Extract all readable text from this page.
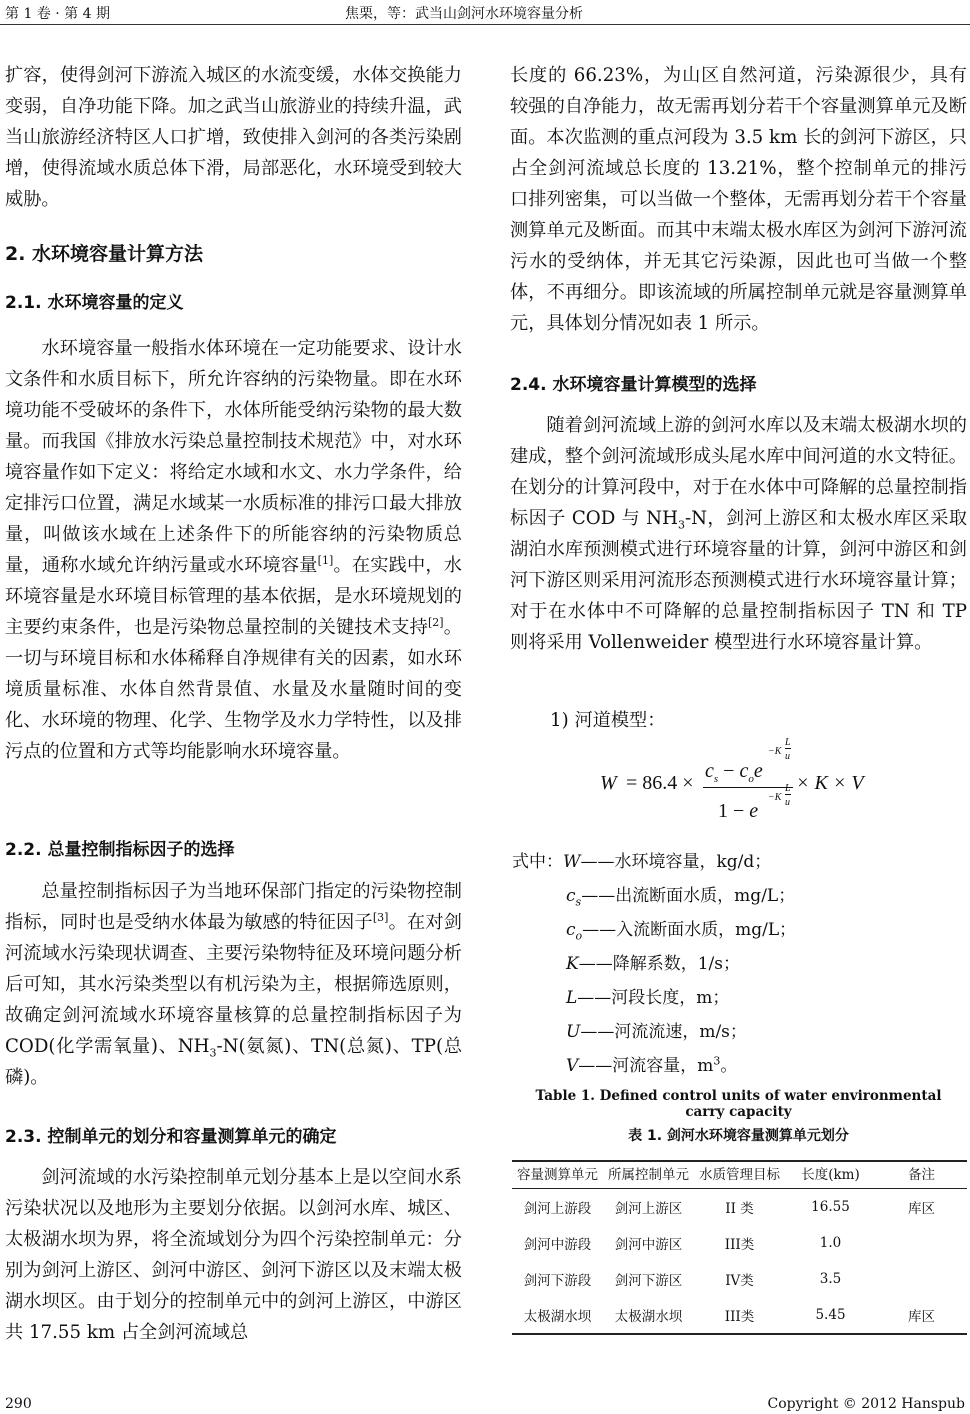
第 1 卷 · 第 4 期	焦栗，等：武当山剑河水环境容量分析

扩容，使得剑河下游流入城区的水流变缓，水体交换能力变弱，自净功能下降。加之武当山旅游业的持续升温，武当山旅游经济特区人口扩增，致使排入剑河的各类污染剧增，使得流域水质总体下滑，局部恶化，水环境受到较大威胁。

2. 水环境容量计算方法
2.1. 水环境容量的定义

水环境容量一般指水体环境在一定功能要求、设计水文条件和水质目标下，所允许容纳的污染物量。即在水环境功能不受破坏的条件下，水体所能受纳污染物的最大数量。而我国《排放水污染总量控制技术规范》中，对水环境容量作如下定义：将给定水域和水文、水力学条件，给定排污口位置，满足水域某一水质标准的排污口最大排放量，叫做该水域在上述条件下的所能容纳的污染物质总量，通称水域允许纳污量或水环境容量[1]。在实践中，水环境容量是水环境目标管理的基本依据，是水环境规划的主要约束条件，也是污染物总量控制的关键技术支持[2]。一切与环境目标和水体稀释自净规律有关的因素，如水环境质量标准、水体自然背景值、水量及水量随时间的变化、水环境的物理、化学、生物学及水力学特性，以及排污点的位置和方式等均能影响水环境容量。

2.2. 总量控制指标因子的选择

总量控制指标因子为当地环保部门指定的污染物控制指标，同时也是受纳水体最为敏感的特征因子[3]。在对剑河流域水污染现状调查、主要污染物特征及环境问题分析后可知，其水污染类型以有机污染为主，根据筛选原则，故确定剑河流域水环境容量核算的总量控制指标因子为COD(化学需氧量)、$NH_3-N$(氨氮)、TN(总氮)、TP(总磷)。

2.3. 控制单元的划分和容量测算单元的确定

剑河流域的水污染控制单元划分基本上是以空间水系污染状况以及地形为主要划分依据。以剑河水库、城区、太极湖水坝为界，将全流域划分为四个污染控制单元：分别为剑河上游区、剑河中游区、剑河下游区以及末端太极湖水坝区。由于划分的控制单元中的剑河上游区，中游区共 17.55 km 占全剑河流域总

长度的 66.23%，为山区自然河道，污染源很少，具有较强的自净能力，故无需再划分若干个容量测算单元及断面。本次监测的重点河段为 3.5 km 长的剑河下游区，只占全剑河流域总长度的 13.21%，整个控制单元的排污口排列密集，可以当做一个整体，无需再划分若干个容量测算单元及断面。而其中末端太极水库区为剑河下游河流污水的受纳体，并无其它污染源，因此也可当做一个整体，不再细分。即该流域的所属控制单元就是容量测算单元，具体划分情况如表 1 所示。

2.4. 水环境容量计算模型的选择

随着剑河流域上游的剑河水库以及末端太极湖水坝的建成，整个剑河流域形成头尾水库中间河道的水文特征。在划分的计算河段中，对于在水体中可降解的总量控制指标因子 COD 与 $NH_3-N$，剑河上游区和太极水库区采取湖泊水库预测模式进行环境容量的计算，剑河中游区和剑河下游区则采用河流形态预测模式进行水环境容量计算；对于在水体中不可降解的总量控制指标因子 TN 和 TP 则将采用 Vollenweider 模型进行水环境容量计算。

1) 河道模型：
W = 86.4 ×
$c_s - c_oe$
−K
L
u
1 − e
−K
L
u
× K × V
式中：W——水环境容量，kg/d；
$c_s——$出流断面水质，mg/L；
$c_o——$入流断面水质，mg/L；
K——降解系数，1/s；
L——河段长度，m；
U——河流流速，m/s；
V——河流容量，$m^3$。
Table 1. Defined control units of water environmental carry capacity
表 1. 剑河水环境容量测算单元划分
容量测算单元	所属控制单元	水质管理目标	长度(km)	备注
剑河上游段	剑河上游区	II 类	16.55	库区
剑河中游段	剑河中游区	III类	1.0	
剑河下游段	剑河下游区	IV类	3.5	
太极湖水坝	太极湖水坝	III类	5.45	库区
290	Copyright © 2012 Hanspub
